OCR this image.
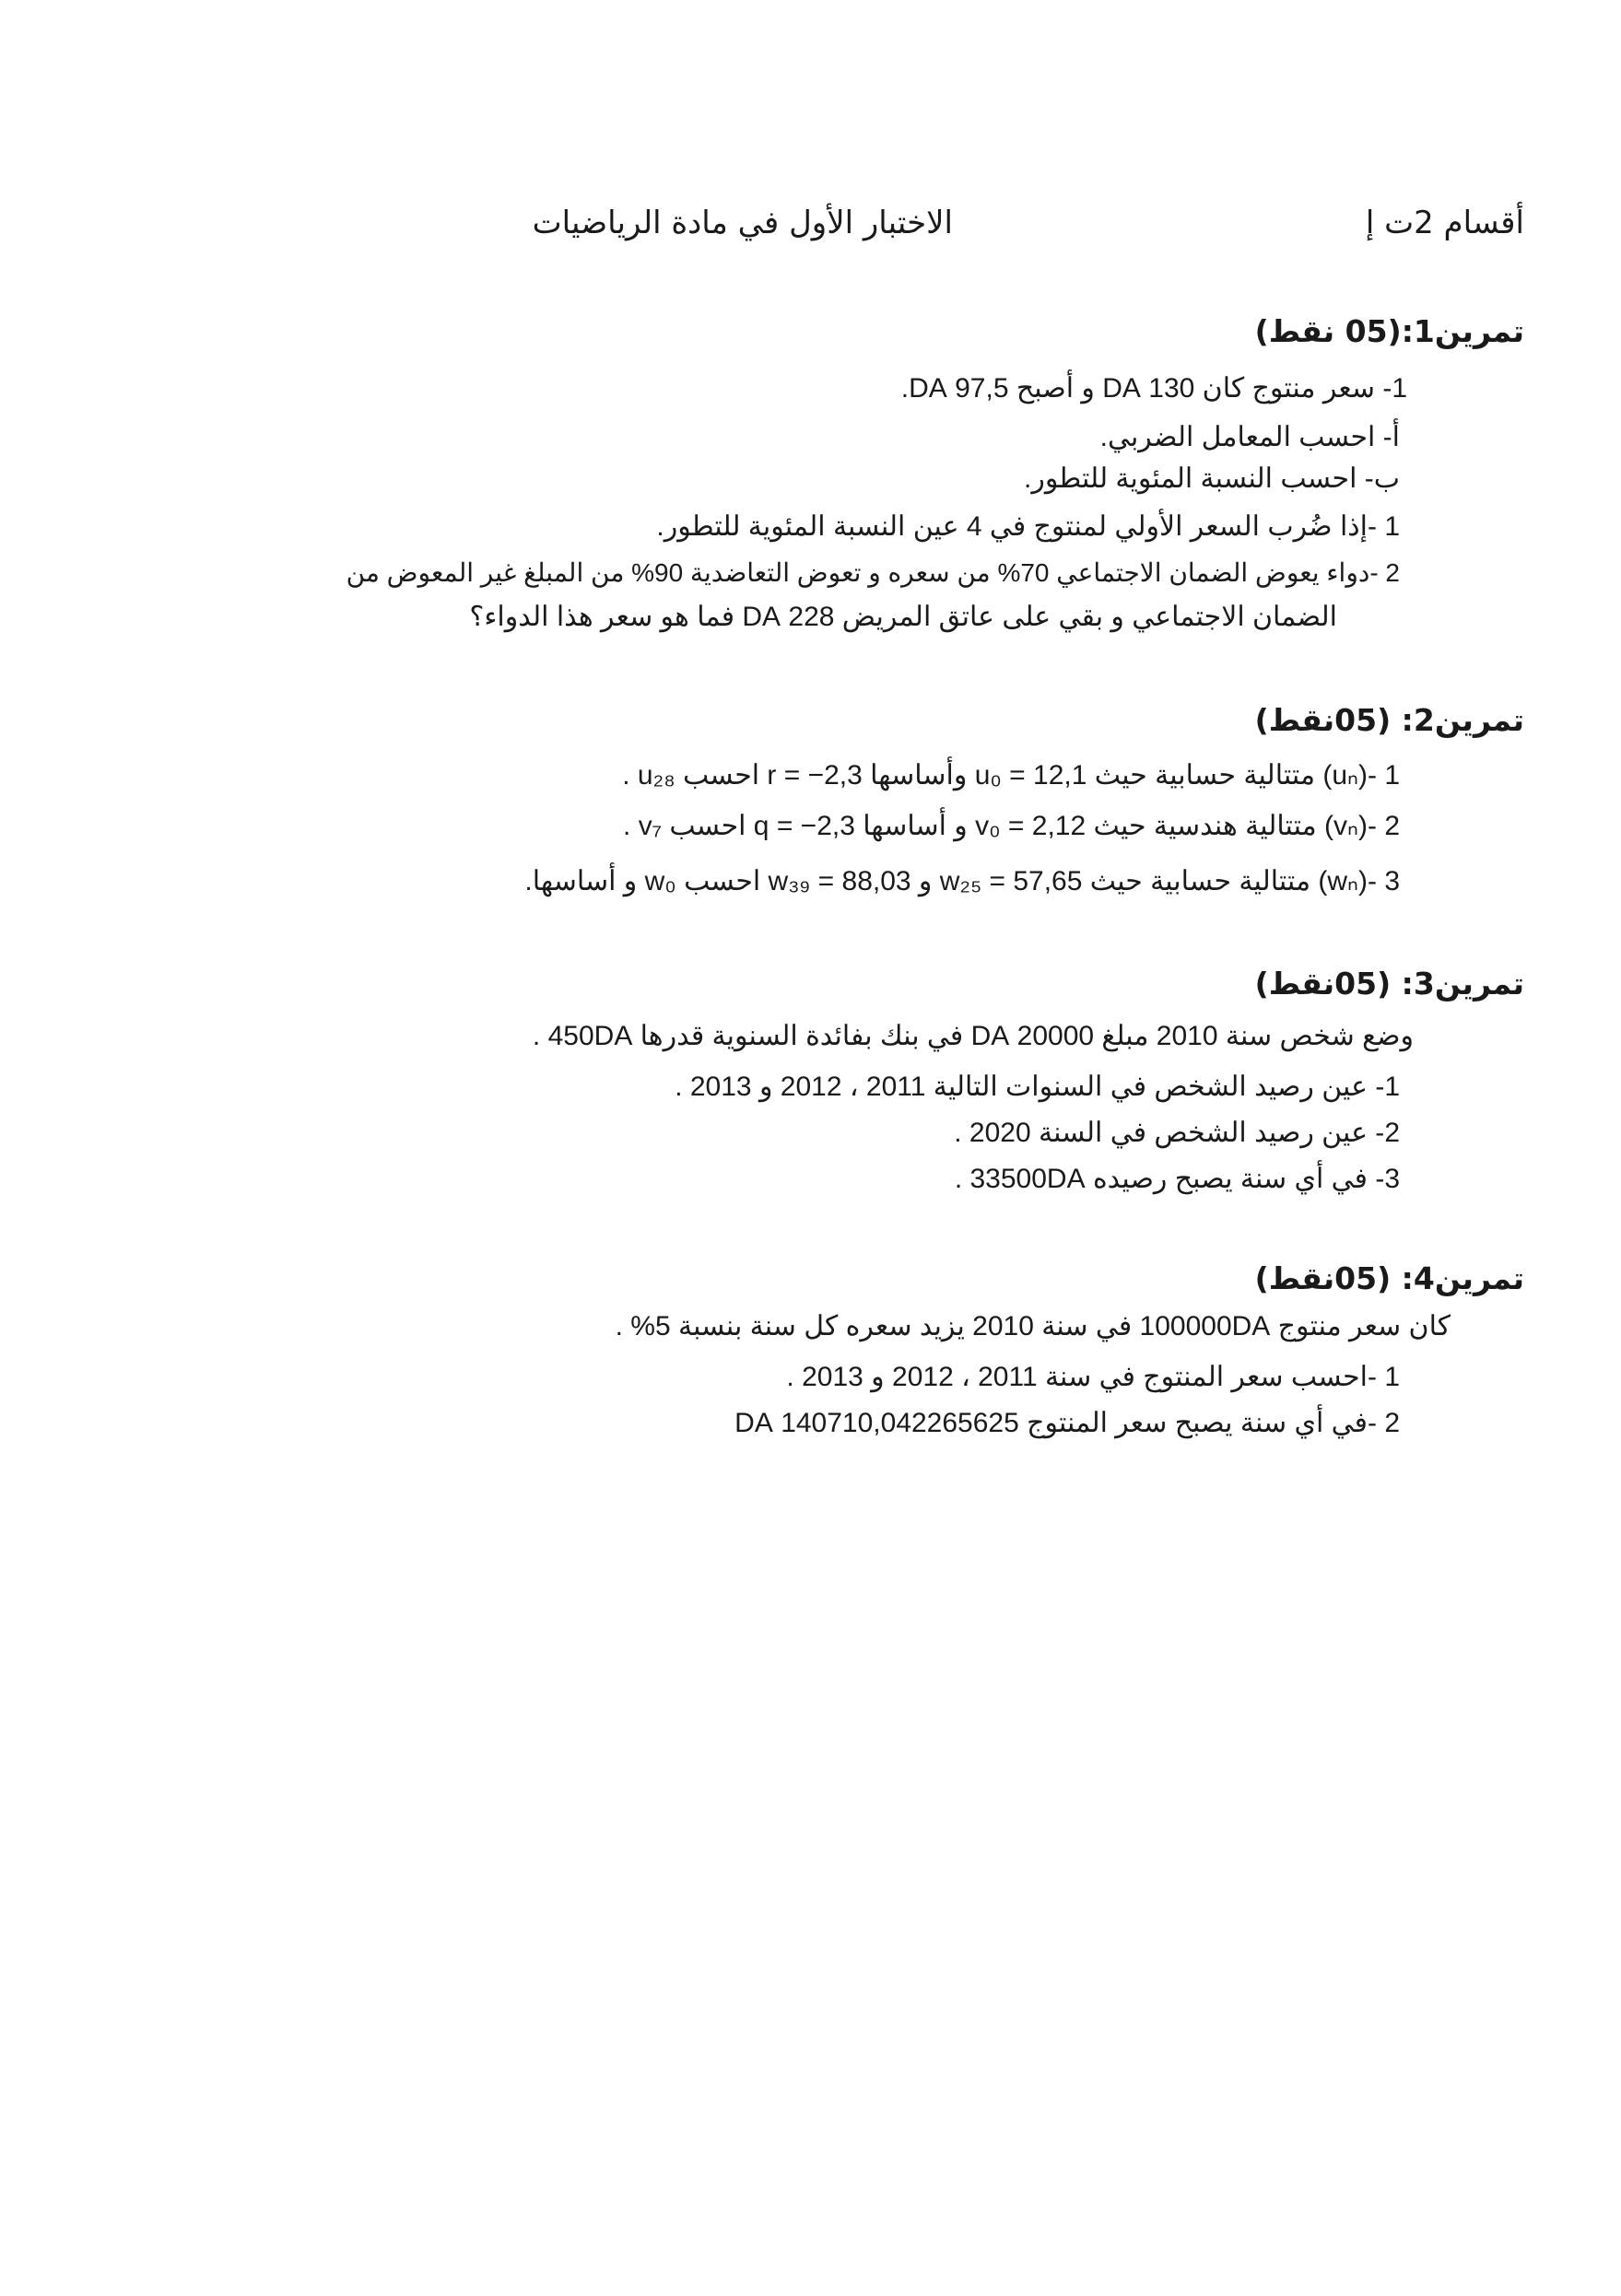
أقسام 2ت إ
الاختبار الأول في مادة الرياضيات
تمرين1:(05 نقط)
1- سعر منتوج كان 130 DA و أصبح 97,5 DA.
أ- احسب المعامل الضربي.
ب- احسب النسبة المئوية للتطور.
1 -إذا ضُرب السعر الأولي لمنتوج في 4 عين النسبة المئوية للتطور.
2 -دواء يعوض الضمان الاجتماعي 70% من سعره و تعوض التعاضدية 90% من المبلغ غير المعوض من
الضمان الاجتماعي و بقي على عاتق المريض 228 DA فما هو سعر هذا الدواء؟
تمرين2: (05نقط)
1 -(uₙ) متتالية حسابية حيث u₀ = 12,1 وأساسها r = −2,3 احسب u₂₈ .
2 -(vₙ) متتالية هندسية حيث v₀ = 2,12 و أساسها q = −2,3 احسب v₇ .
3 -(wₙ) متتالية حسابية حيث w₂₅ = 57,65 و w₃₉ = 88,03 احسب w₀ و أساسها.
تمرين3: (05نقط)
وضع شخص سنة 2010 مبلغ 20000 DA في بنك بفائدة السنوية قدرها 450DA .
1- عين رصيد الشخص في السنوات التالية 2011 ، 2012 و 2013 .
2- عين رصيد الشخص في السنة 2020 .
3- في أي سنة يصبح رصيده 33500DA .
تمرين4: (05نقط)
كان سعر منتوج 100000DA في سنة 2010 يزيد سعره كل سنة بنسبة 5% .
1 -احسب سعر المنتوج في سنة 2011 ، 2012 و 2013 .
2 -في أي سنة يصبح سعر المنتوج 140710,042265625 DA
